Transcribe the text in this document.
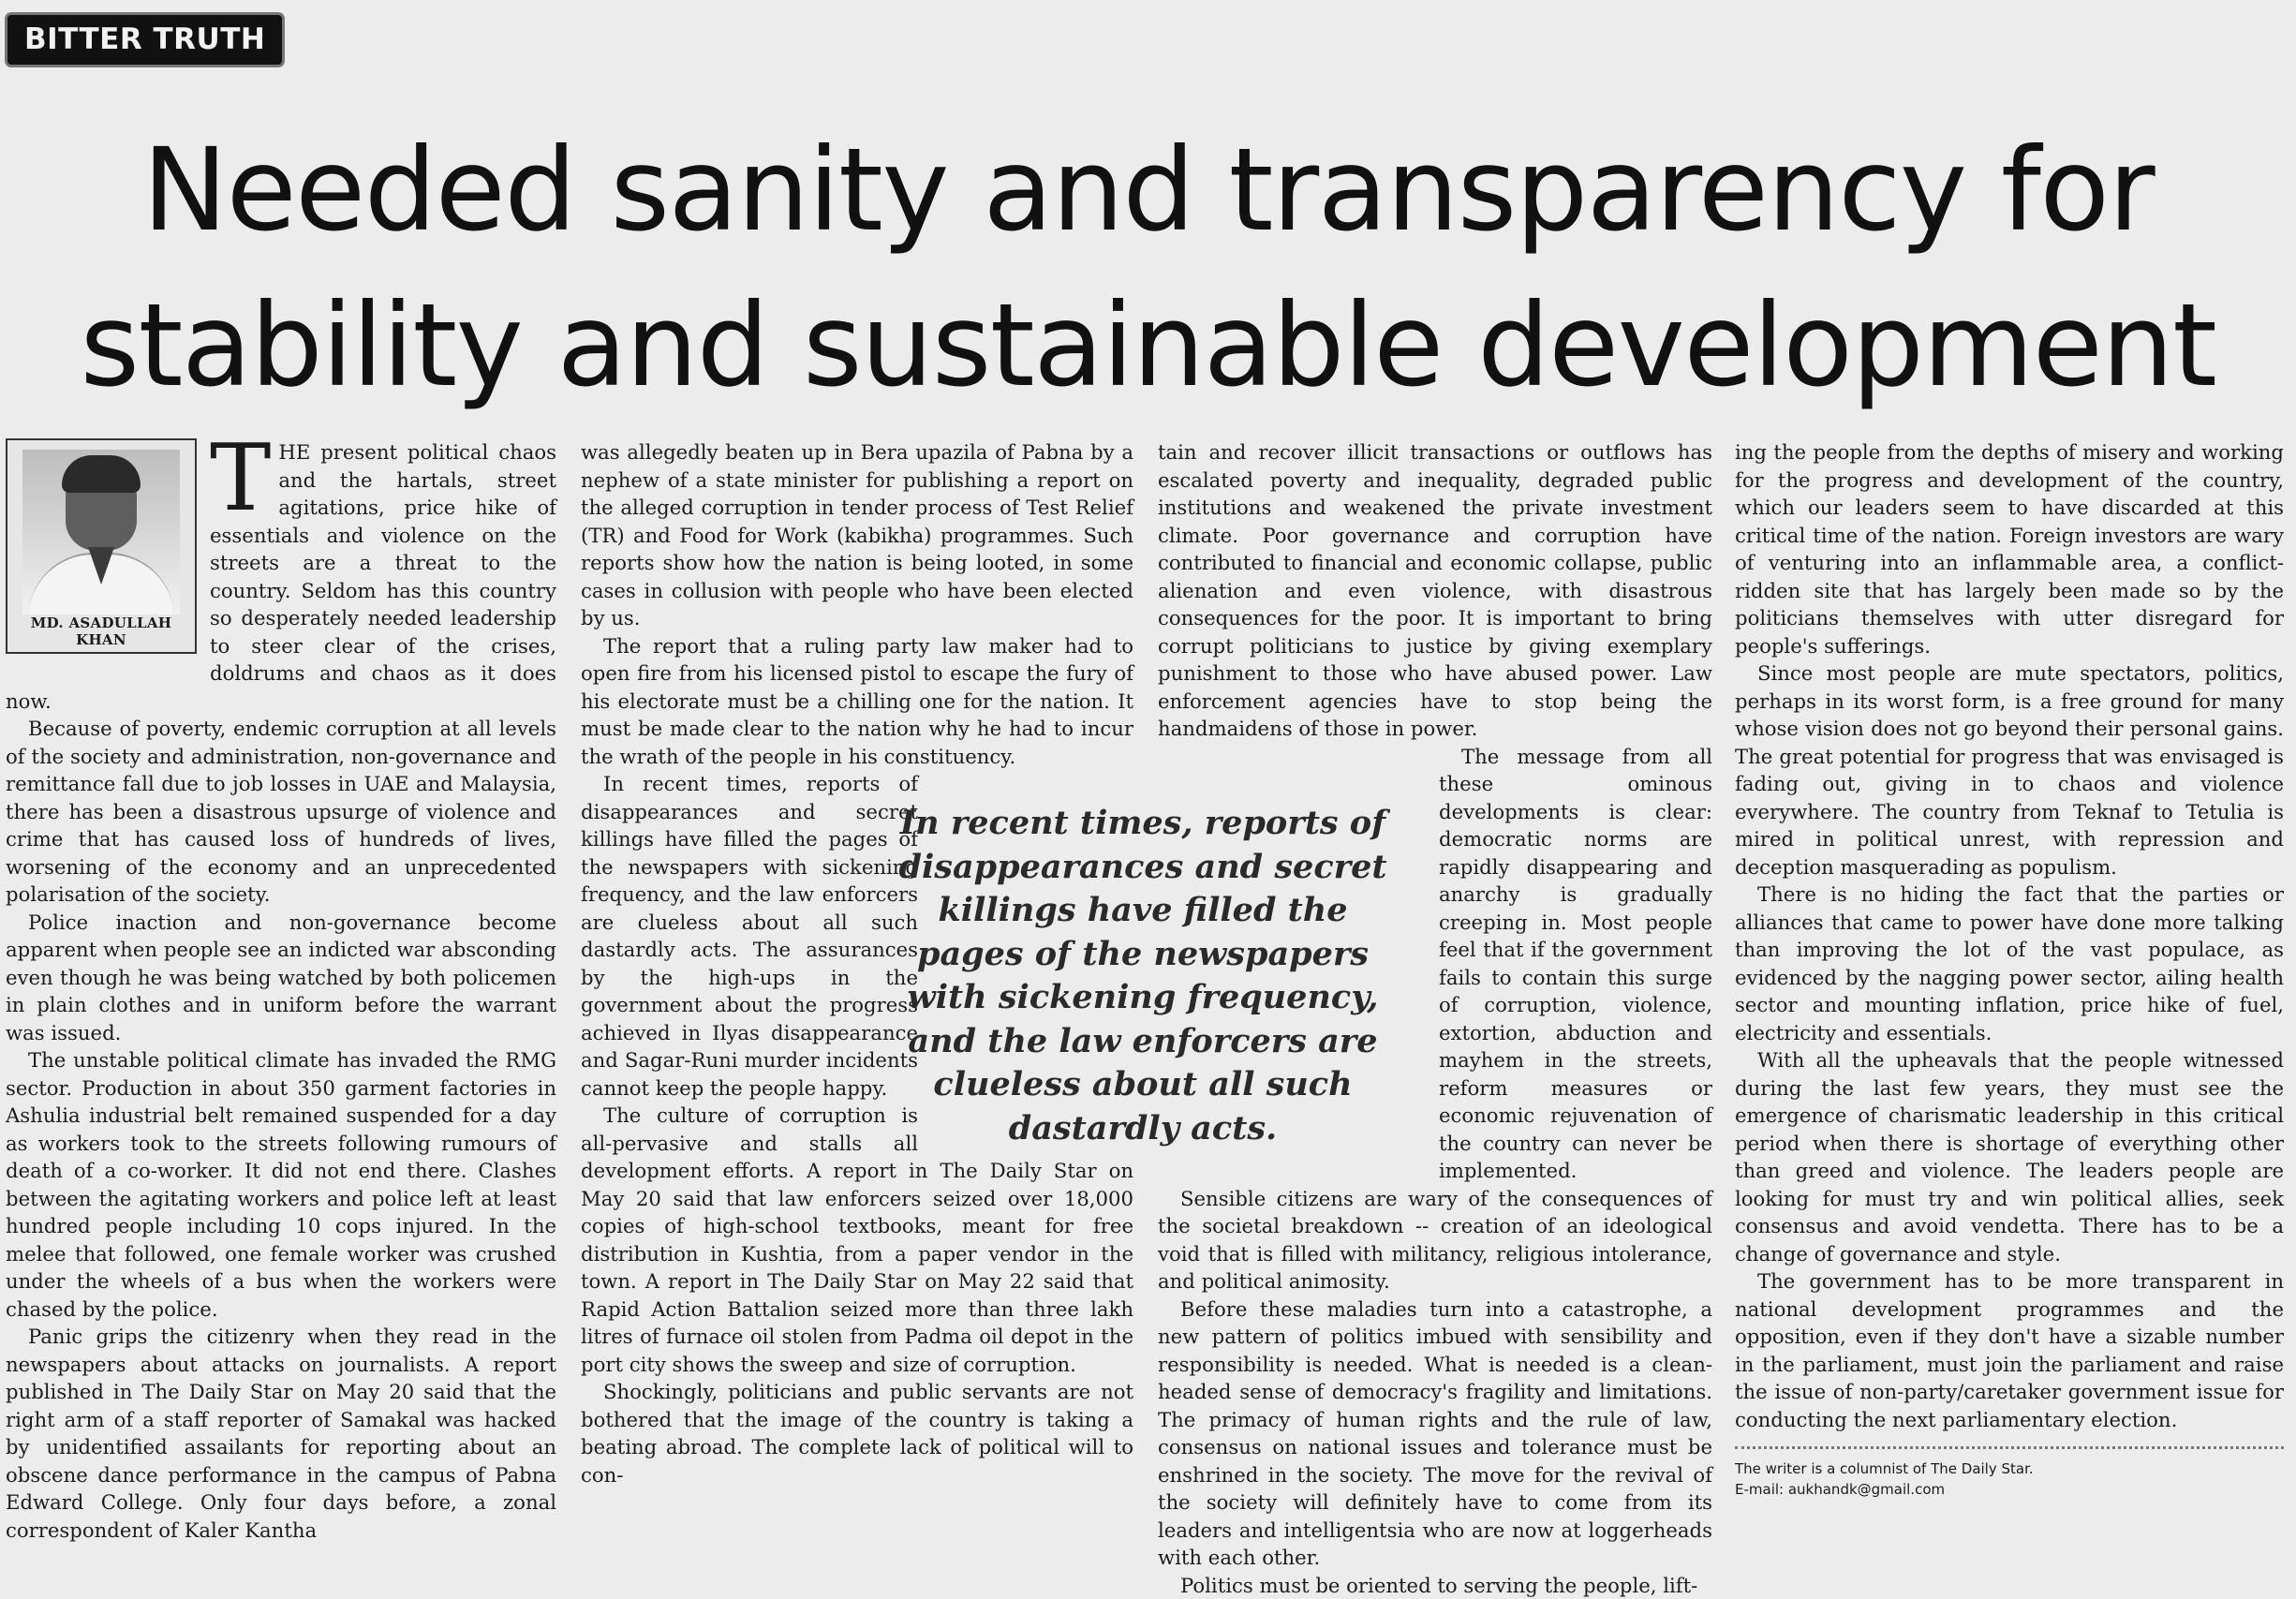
BITTER TRUTH
Needed sanity and transparency for
stability and sustainable development
MD. ASADULLAH KHAN

THE present political chaos and the hartals, street agitations, price hike of essentials and violence on the streets are a threat to the country. Seldom has this country so desperately needed leadership to steer clear of the crises, doldrums and chaos as it does now.

Because of poverty, endemic corruption at all levels of the society and administration, non-governance and remittance fall due to job losses in UAE and Malaysia, there has been a disastrous upsurge of violence and crime that has caused loss of hundreds of lives, worsening of the economy and an unprecedented polarisation of the society.

Police inaction and non-governance become apparent when people see an indicted war absconding even though he was being watched by both policemen in plain clothes and in uniform before the warrant was issued.

The unstable political climate has invaded the RMG sector. Production in about 350 garment factories in Ashulia industrial belt remained suspended for a day as workers took to the streets following rumours of death of a co-worker. It did not end there. Clashes between the agitating workers and police left at least hundred people including 10 cops injured. In the melee that followed, one female worker was crushed under the wheels of a bus when the workers were chased by the police.

Panic grips the citizenry when they read in the newspapers about attacks on journalists. A report published in The Daily Star on May 20 said that the right arm of a staff reporter of Samakal was hacked by unidentified assailants for reporting about an obscene dance performance in the campus of Pabna Edward College. Only four days before, a zonal correspondent of Kaler Kantha

was allegedly beaten up in Bera upazila of Pabna by a nephew of a state minister for publishing a report on the alleged corruption in tender process of Test Relief (TR) and Food for Work (kabikha) programmes. Such reports show how the nation is being looted, in some cases in collusion with people who have been elected by us.

The report that a ruling party law maker had to open fire from his licensed pistol to escape the fury of his electorate must be a chilling one for the nation. It must be made clear to the nation why he had to incur the wrath of the people in his constituency.

In recent times, reports of disappearances and secret killings have filled the pages of the newspapers with sickening frequency, and the law enforcers are clueless about all such dastardly acts. The assurances by the high-ups in the government about the progress achieved in Ilyas disappearance and Sagar-Runi murder incidents cannot keep the people happy.

The culture of corruption is all-pervasive and stalls all development efforts. A report in The Daily Star on May 20 said that law enforcers seized over 18,000 copies of high-school textbooks, meant for free distribution in Kushtia, from a paper vendor in the town. A report in The Daily Star on May 22 said that Rapid Action Battalion seized more than three lakh litres of furnace oil stolen from Padma oil depot in the port city shows the sweep and size of corruption.

Shockingly, politicians and public servants are not bothered that the image of the country is taking a beating abroad. The complete lack of political will to con-

tain and recover illicit transactions or outflows has escalated poverty and inequality, degraded public institutions and weakened the private investment climate. Poor governance and corruption have contributed to financial and economic collapse, public alienation and even violence, with disastrous consequences for the poor. It is important to bring corrupt politicians to justice by giving exemplary punishment to those who have abused power. Law enforcement agencies have to stop being the handmaidens of those in power.

The message from all these ominous developments is clear: democratic norms are rapidly disappearing and anarchy is gradually creeping in. Most people feel that if the government fails to contain this surge of corruption, violence, extortion, abduction and mayhem in the streets, reform measures or economic rejuvenation of the country can never be implemented.

Sensible citizens are wary of the consequences of the societal breakdown -- creation of an ideological void that is filled with militancy, religious intolerance, and political animosity.

Before these maladies turn into a catastrophe, a new pattern of politics imbued with sensibility and responsibility is needed. What is needed is a clean-headed sense of democracy's fragility and limitations. The primacy of human rights and the rule of law, consensus on national issues and tolerance must be enshrined in the society. The move for the revival of the society will definitely have to come from its leaders and intelligentsia who are now at loggerheads with each other.

Politics must be oriented to serving the people, lift-

ing the people from the depths of misery and working for the progress and development of the country, which our leaders seem to have discarded at this critical time of the nation. Foreign investors are wary of venturing into an inflammable area, a conflict- ridden site that has largely been made so by the politicians themselves with utter disregard for people's sufferings.

Since most people are mute spectators, politics, perhaps in its worst form, is a free ground for many whose vision does not go beyond their personal gains. The great potential for progress that was envisaged is fading out, giving in to chaos and violence everywhere. The country from Teknaf to Tetulia is mired in political unrest, with repression and deception masquerading as populism.

There is no hiding the fact that the parties or alliances that came to power have done more talking than improving the lot of the vast populace, as evidenced by the nagging power sector, ailing health sector and mounting inflation, price hike of fuel, electricity and essentials.

With all the upheavals that the people witnessed during the last few years, they must see the emergence of charismatic leadership in this critical period when there is shortage of everything other than greed and violence. The leaders people are looking for must try and win political allies, seek consensus and avoid vendetta. There has to be a change of governance and style.

The government has to be more transparent in national development programmes and the opposition, even if they don't have a sizable number in the parliament, must join the parliament and raise the issue of non-party/caretaker government issue for conducting the next parliamentary election.

The writer is a columnist of The Daily Star.
E-mail: aukhandk@gmail.com
In recent times, reports of disappearances and secret killings have filled the pages of the newspapers with sickening frequency, and the law enforcers are clueless about all such dastardly acts.
